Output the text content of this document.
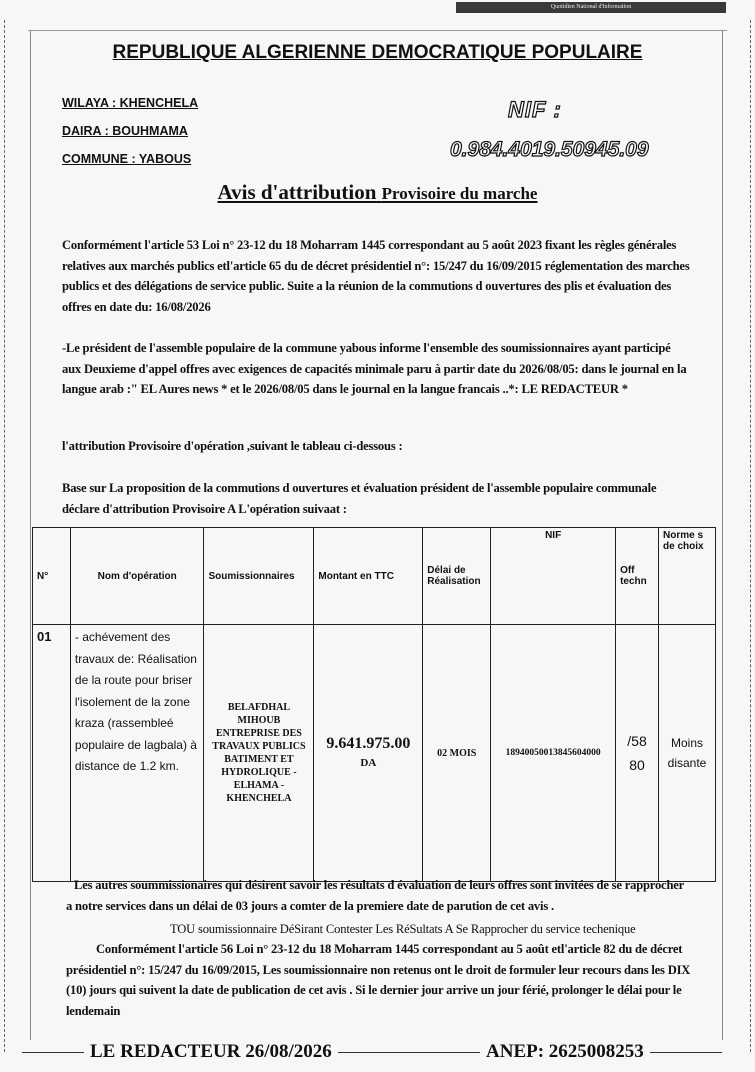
Quotidien National d'Information
REPUBLIQUE ALGERIENNE DEMOCRATIQUE POPULAIRE
WILAYA : KHENCHELA
DAIRA : BOUHMAMA
COMMUNE : YABOUS
NIF :
0.984.4019.50945.09
Avis d'attribution Provisoire du marche
Conformément l'article 53 Loi n° 23-12 du 18 Moharram 1445 correspondant au 5 août 2023 fixant les règles générales relatives aux marchés publics etl'article 65 du de décret présidentiel n°: 15/247 du 16/09/2015 réglementation des marches publics et des délégations de service public. Suite a la réunion de la commutions d ouvertures des plis et évaluation des offres en date du: 16/08/2026
-Le président de l'assemble populaire de la commune yabous informe l'ensemble des soumissionnaires ayant participé aux Deuxieme d'appel offres avec exigences de capacités minimale paru à partir date du 2026/08/05: dans le journal en la langue arab :" EL Aures news * et le 2026/08/05 dans le journal en la langue francais ..*: LE REDACTEUR *
l'attribution Provisoire d'opération ,suivant le tableau ci-dessous :
Base sur La proposition de la commutions d ouvertures et évaluation président de l'assemble populaire communale déclare d'attribution Provisoire A L'opération suivaat :
N°	Nom d'opération	Soumissionnaires	Montant en TTC	Délai de Réalisation	NIF	Off techn	Norme s de choix
01	- achévement des travaux de: Réalisation de la route pour briser l'isolement de la zone kraza (rassembleé populaire de lagbala) à distance de 1.2 km.	BELAFDHAL MIHOUB ENTREPRISE DES TRAVAUX PUBLICS BATIMENT ET HYDROLIQUE -ELHAMA - KHENCHELA	9.641.975.00 DA	02 MOIS	18940050013845604000	/58 80	Moins disante
Les autres soummissionaires qui désirent savoir les résultats d évaluation de leurs offres sont invitées de se rapprocher a notre services dans un délai de 03 jours a comter de la premiere date de parution de cet avis .
TOU soumissionnaire DéSirant Contester Les RéSultats A Se Rapprocher du service techenique
Conformément l'article 56 Loi n° 23-12 du 18 Moharram 1445 correspondant au 5 août etl'article 82 du de décret présidentiel n°: 15/247 du 16/09/2015, Les soumissionnaire non retenus ont le droit de formuler leur recours dans les DIX (10) jours qui suivent la date de publication de cet avis . Si le dernier jour arrive un jour férié, prolonger le délai pour le lendemain
LE REDACTEUR 26/08/2026	ANEP: 2625008253
